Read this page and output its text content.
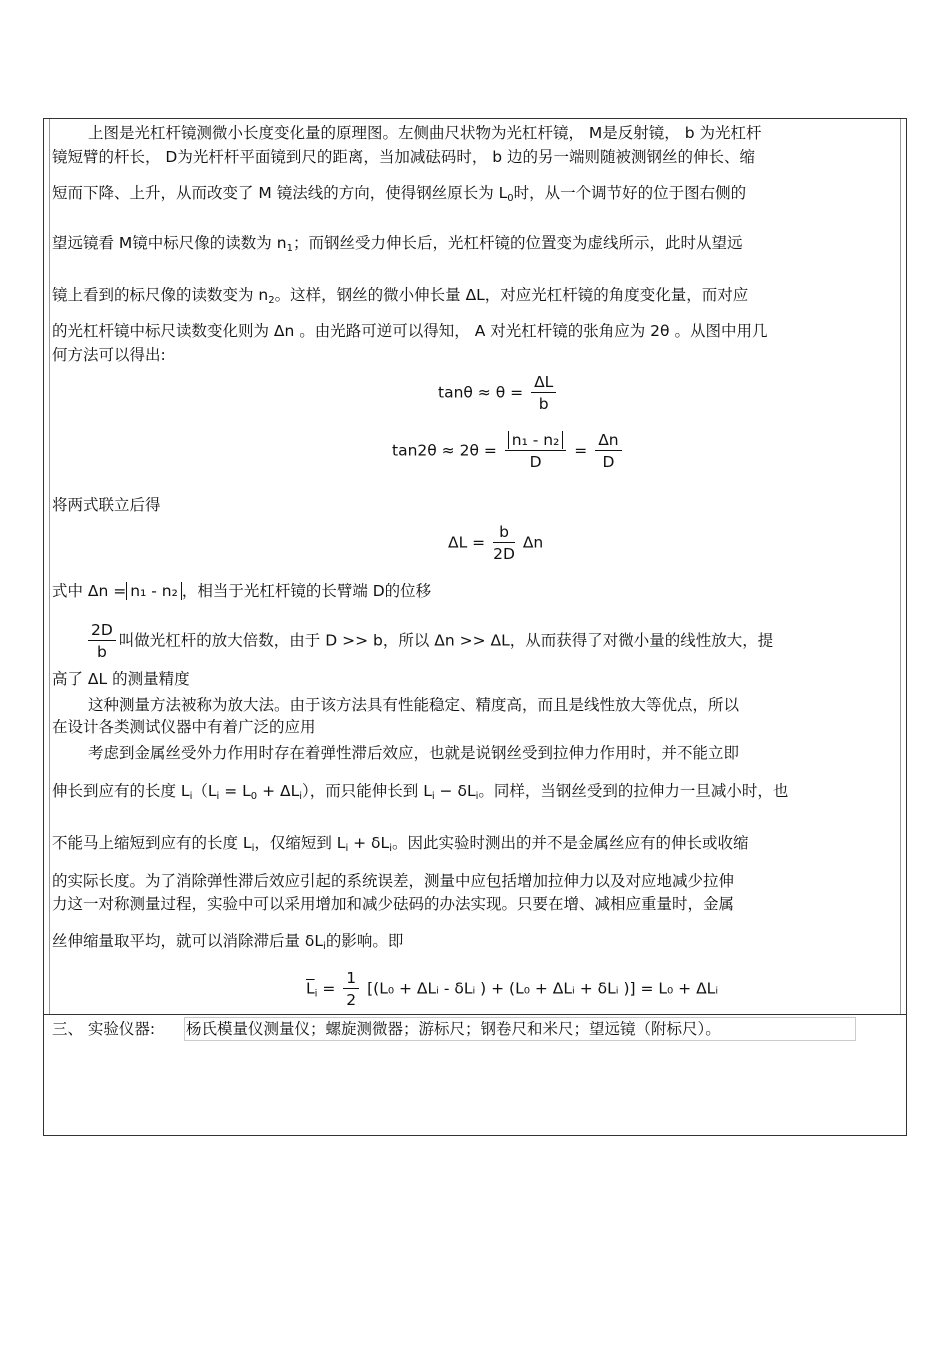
上图是光杠杆镜测微小长度变化量的原理图。左侧曲尺状物为光杠杆镜， M是反射镜， b 为光杠杆
镜短臂的杆长， D为光杆杆平面镜到尺的距离，当加减砝码时， b 边的另一端则随被测钢丝的伸长、缩
短而下降、上升，从而改变了 M 镜法线的方向，使得钢丝原长为 $L_0$时，从一个调节好的位于图右侧的
望远镜看 M镜中标尺像的读数为 $n_1$；而钢丝受力伸长后，光杠杆镜的位置变为虚线所示，此时从望远
镜上看到的标尺像的读数变为 $n_2$。这样，钢丝的微小伸长量 ΔL，对应光杠杆镜的角度变化量，而对应
的光杠杆镜中标尺读数变化则为 Δn 。由光路可逆可以得知， A 对光杠杆镜的张角应为 2θ 。从图中用几
何方法可以得出:
$\tan\theta \approx \theta = \frac{\Delta L}{b}$
$\tan 2\theta \approx 2\theta = \frac{\text{n₁ - n₂}}{D} = \frac{\Delta n}{D}$
将两式联立后得
$\Delta L = \frac{b}{2D}$ Δn
式中 Δn = n₁ - n₂ ，相当于光杠杆镜的长臂端 D的位移
$\frac{2D}{b}$ 叫做光杠杆的放大倍数，由于 D >> b，所以 Δn >> ΔL，从而获得了对微小量的线性放大，提
高了 ΔL 的测量精度
这种测量方法被称为放大法。由于该方法具有性能稳定、精度高，而且是线性放大等优点，所以
在设计各类测试仪器中有着广泛的应用
考虑到金属丝受外力作用时存在着弹性滞后效应，也就是说钢丝受到拉伸力作用时，并不能立即
伸长到应有的长度 $L_i(L_i = L_0 + \Delta L_i)$，而只能伸长到 $L_i - \delta L_i$。同样，当钢丝受到的拉伸力一旦减小时，也
不能马上缩短到应有的长度 $L_i$，仅缩短到 $L_i + \delta L_i$。因此实验时测出的并不是金属丝应有的伸长或收缩
的实际长度。为了消除弹性滞后效应引起的系统误差，测量中应包括增加拉伸力以及对应地减少拉伸
力这一对称测量过程，实验中可以采用增加和减少砝码的办法实现。只要在增、减相应重量时，金属
丝伸缩量取平均，就可以消除滞后量 $\delta L_i$的影响。即
$\overline{L}_i = \frac{1}{2} [(L_0$ + ΔLᵢ - δLᵢ ) + (L₀ + ΔLᵢ + δLᵢ )] = L₀ + ΔLᵢ
三、 实验仪器: 杨氏模量仪测量仪；螺旋测微器；游标尺；钢卷尺和米尺；望远镜（附标尺）。
